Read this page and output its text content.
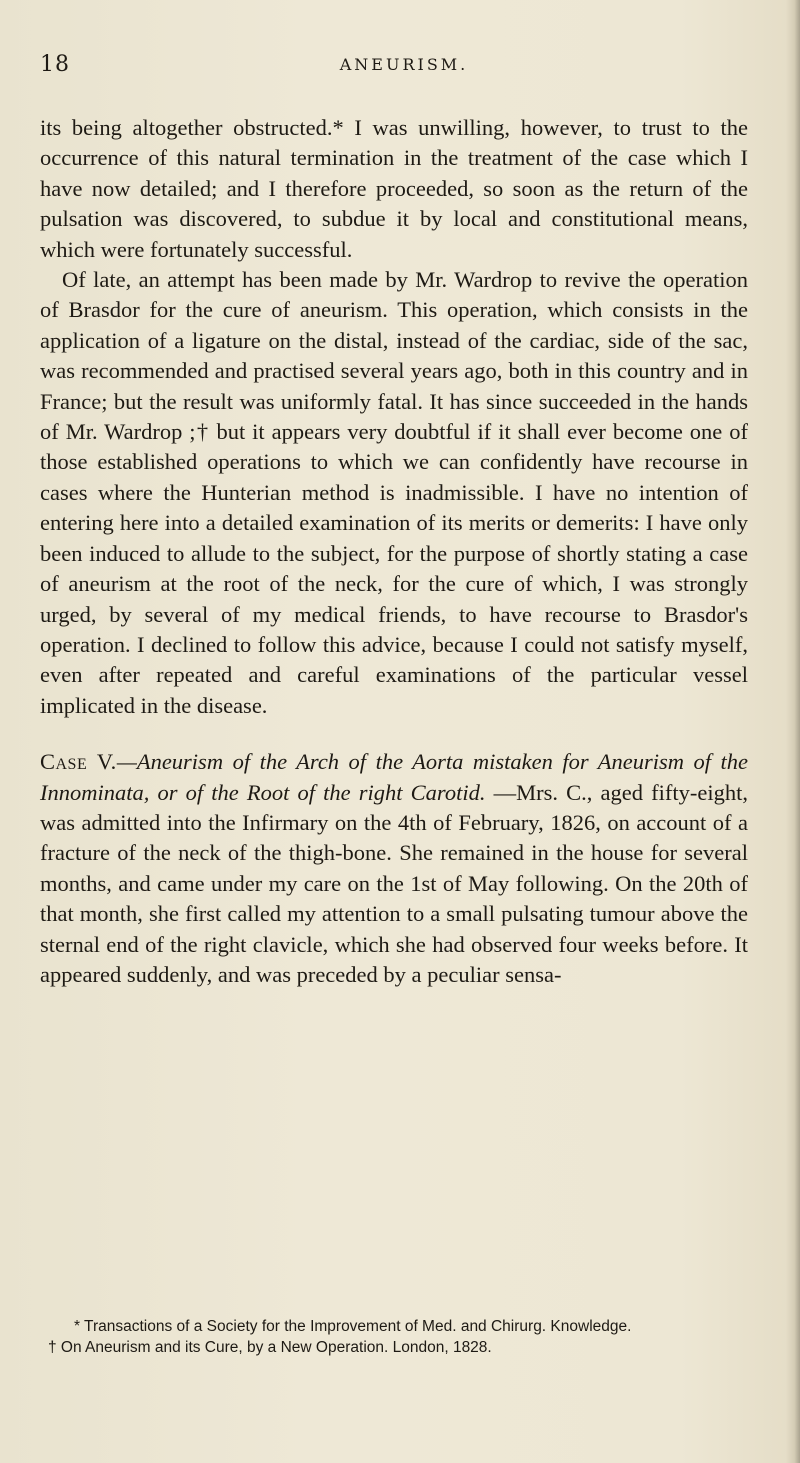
18	ANEURISM.

its being altogether obstructed.* I was unwilling, however, to trust to the occurrence of this natural termination in the treatment of the case which I have now detailed; and I therefore proceeded, so soon as the return of the pulsation was discovered, to subdue it by local and constitutional means, which were fortunately successful.

Of late, an attempt has been made by Mr. Wardrop to revive the operation of Brasdor for the cure of aneurism. This operation, which consists in the application of a ligature on the distal, instead of the cardiac, side of the sac, was recommended and practised several years ago, both in this country and in France; but the result was uniformly fatal. It has since succeeded in the hands of Mr. Wardrop ;† but it appears very doubtful if it shall ever become one of those established operations to which we can confidently have recourse in cases where the Hunterian method is inadmissible. I have no intention of entering here into a detailed examination of its merits or demerits: I have only been induced to allude to the subject, for the purpose of shortly stating a case of aneurism at the root of the neck, for the cure of which, I was strongly urged, by several of my medical friends, to have recourse to Brasdor's operation. I declined to follow this advice, because I could not satisfy myself, even after repeated and careful examinations of the particular vessel implicated in the disease.

Case V.—Aneurism of the Arch of the Aorta mistaken for Aneurism of the Innominata, or of the Root of the right Carotid. —Mrs. C., aged fifty-eight, was admitted into the Infirmary on the 4th of February, 1826, on account of a fracture of the neck of the thigh-bone. She remained in the house for several months, and came under my care on the 1st of May following. On the 20th of that month, she first called my attention to a small pulsating tumour above the sternal end of the right clavicle, which she had observed four weeks before. It appeared suddenly, and was preceded by a peculiar sensa-

* Transactions of a Society for the Improvement of Med. and Chirurg. Knowledge.

† On Aneurism and its Cure, by a New Operation. London, 1828.
